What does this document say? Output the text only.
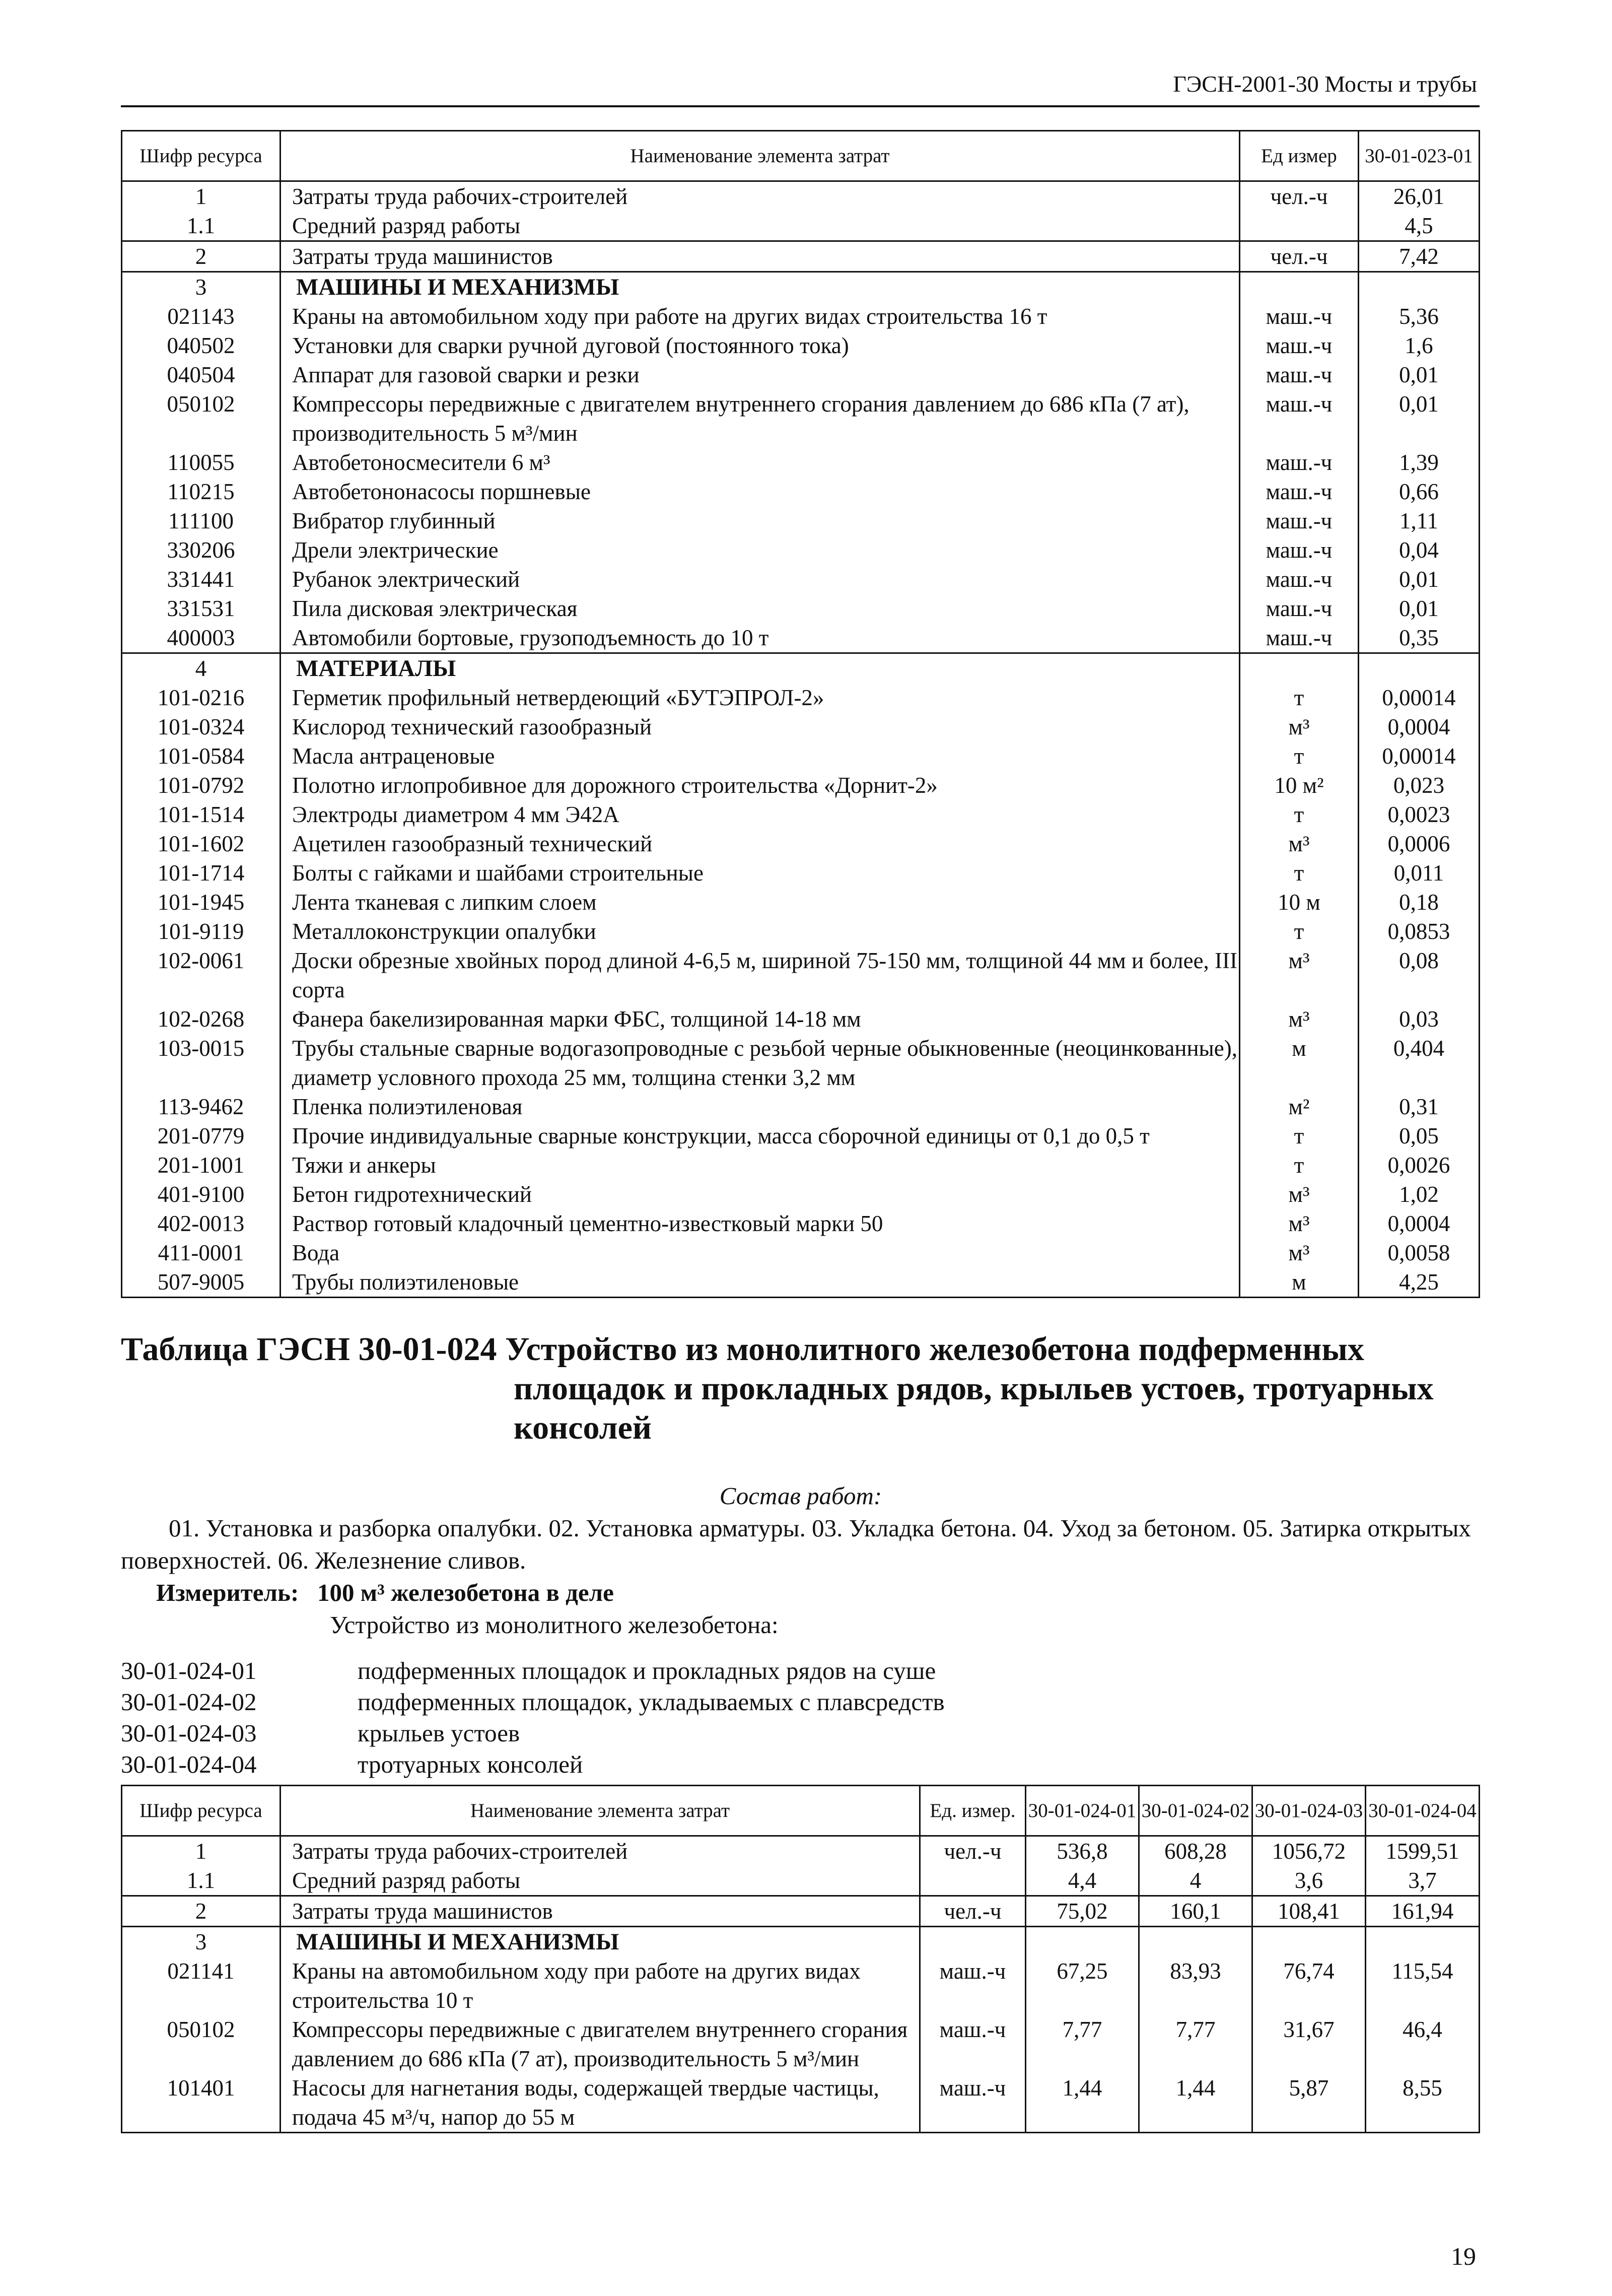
ГЭСН-2001-30 Мосты и трубы
Шифр ресурса	Наименование элемента затрат	Ед измер	30-01-023-01
1	Затраты труда рабочих-строителей	чел.-ч	26,01
1.1	Средний разряд работы		4,5
2	Затраты труда машинистов	чел.-ч	7,42
3	МАШИНЫ И МЕХАНИЗМЫ		
021143	Краны на автомобильном ходу при работе на других видах строительства 16 т	маш.-ч	5,36
040502	Установки для сварки ручной дуговой (постоянного тока)	маш.-ч	1,6
040504	Аппарат для газовой сварки и резки	маш.-ч	0,01
050102	Компрессоры передвижные с двигателем внутреннего сгорания давлением до 686 кПа (7 ат), производительность 5 м³/мин	маш.-ч	0,01
110055	Автобетоносмесители 6 м³	маш.-ч	1,39
110215	Автобетононасосы поршневые	маш.-ч	0,66
111100	Вибратор глубинный	маш.-ч	1,11
330206	Дрели электрические	маш.-ч	0,04
331441	Рубанок электрический	маш.-ч	0,01
331531	Пила дисковая электрическая	маш.-ч	0,01
400003	Автомобили бортовые, грузоподъемность до 10 т	маш.-ч	0,35
4	МАТЕРИАЛЫ		
101-0216	Герметик профильный нетвердеющий «БУТЭПРОЛ-2»	т	0,00014
101-0324	Кислород технический газообразный	м³	0,0004
101-0584	Масла антраценовые	т	0,00014
101-0792	Полотно иглопробивное для дорожного строительства «Дорнит-2»	10 м²	0,023
101-1514	Электроды диаметром 4 мм Э42А	т	0,0023
101-1602	Ацетилен газообразный технический	м³	0,0006
101-1714	Болты с гайками и шайбами строительные	т	0,011
101-1945	Лента тканевая с липким слоем	10 м	0,18
101-9119	Металлоконструкции опалубки	т	0,0853
102-0061	Доски обрезные хвойных пород длиной 4-6,5 м, шириной 75-150 мм, толщиной 44 мм и более, III сорта	м³	0,08
102-0268	Фанера бакелизированная марки ФБС, толщиной 14-18 мм	м³	0,03
103-0015	Трубы стальные сварные водогазопроводные с резьбой черные обыкновенные (неоцинкованные), диаметр условного прохода 25 мм, толщина стенки 3,2 мм	м	0,404
113-9462	Пленка полиэтиленовая	м²	0,31
201-0779	Прочие индивидуальные сварные конструкции, масса сборочной единицы от 0,1 до 0,5 т	т	0,05
201-1001	Тяжи и анкеры	т	0,0026
401-9100	Бетон гидротехнический	м³	1,02
402-0013	Раствор готовый кладочный цементно-известковый марки 50	м³	0,0004
411-0001	Вода	м³	0,0058
507-9005	Трубы полиэтиленовые	м	4,25
Таблица ГЭСН 30-01-024 Устройство из монолитного железобетона подферменных
площадок и прокладных рядов, крыльев устоев, тротуарных
консолей
Состав работ:
01. Установка и разборка опалубки. 02. Установка арматуры. 03. Укладка бетона. 04. Уход за бетоном. 05. Затирка открытых поверхностей. 06. Железнение сливов.
Измеритель: 100 м³ железобетона в деле
Устройство из монолитного железобетона:
30-01-024-01	подферменных площадок и прокладных рядов на суше
30-01-024-02	подферменных площадок, укладываемых с плавсредств
30-01-024-03	крыльев устоев
30-01-024-04	тротуарных консолей
Шифр ресурса	Наименование элемента затрат	Ед. измер.	30-01-024-01	30-01-024-02	30-01-024-03	30-01-024-04
1	Затраты труда рабочих-строителей	чел.-ч	536,8	608,28	1056,72	1599,51
1.1	Средний разряд работы		4,4	4	3,6	3,7
2	Затраты труда машинистов	чел.-ч	75,02	160,1	108,41	161,94
3	МАШИНЫ И МЕХАНИЗМЫ					
021141	Краны на автомобильном ходу при работе на других видах строительства 10 т	маш.-ч	67,25	83,93	76,74	115,54
050102	Компрессоры передвижные с двигателем внутреннего сгорания давлением до 686 кПа (7 ат), производительность 5 м³/мин	маш.-ч	7,77	7,77	31,67	46,4
101401	Насосы для нагнетания воды, содержащей твердые частицы, подача 45 м³/ч, напор до 55 м	маш.-ч	1,44	1,44	5,87	8,55
19
